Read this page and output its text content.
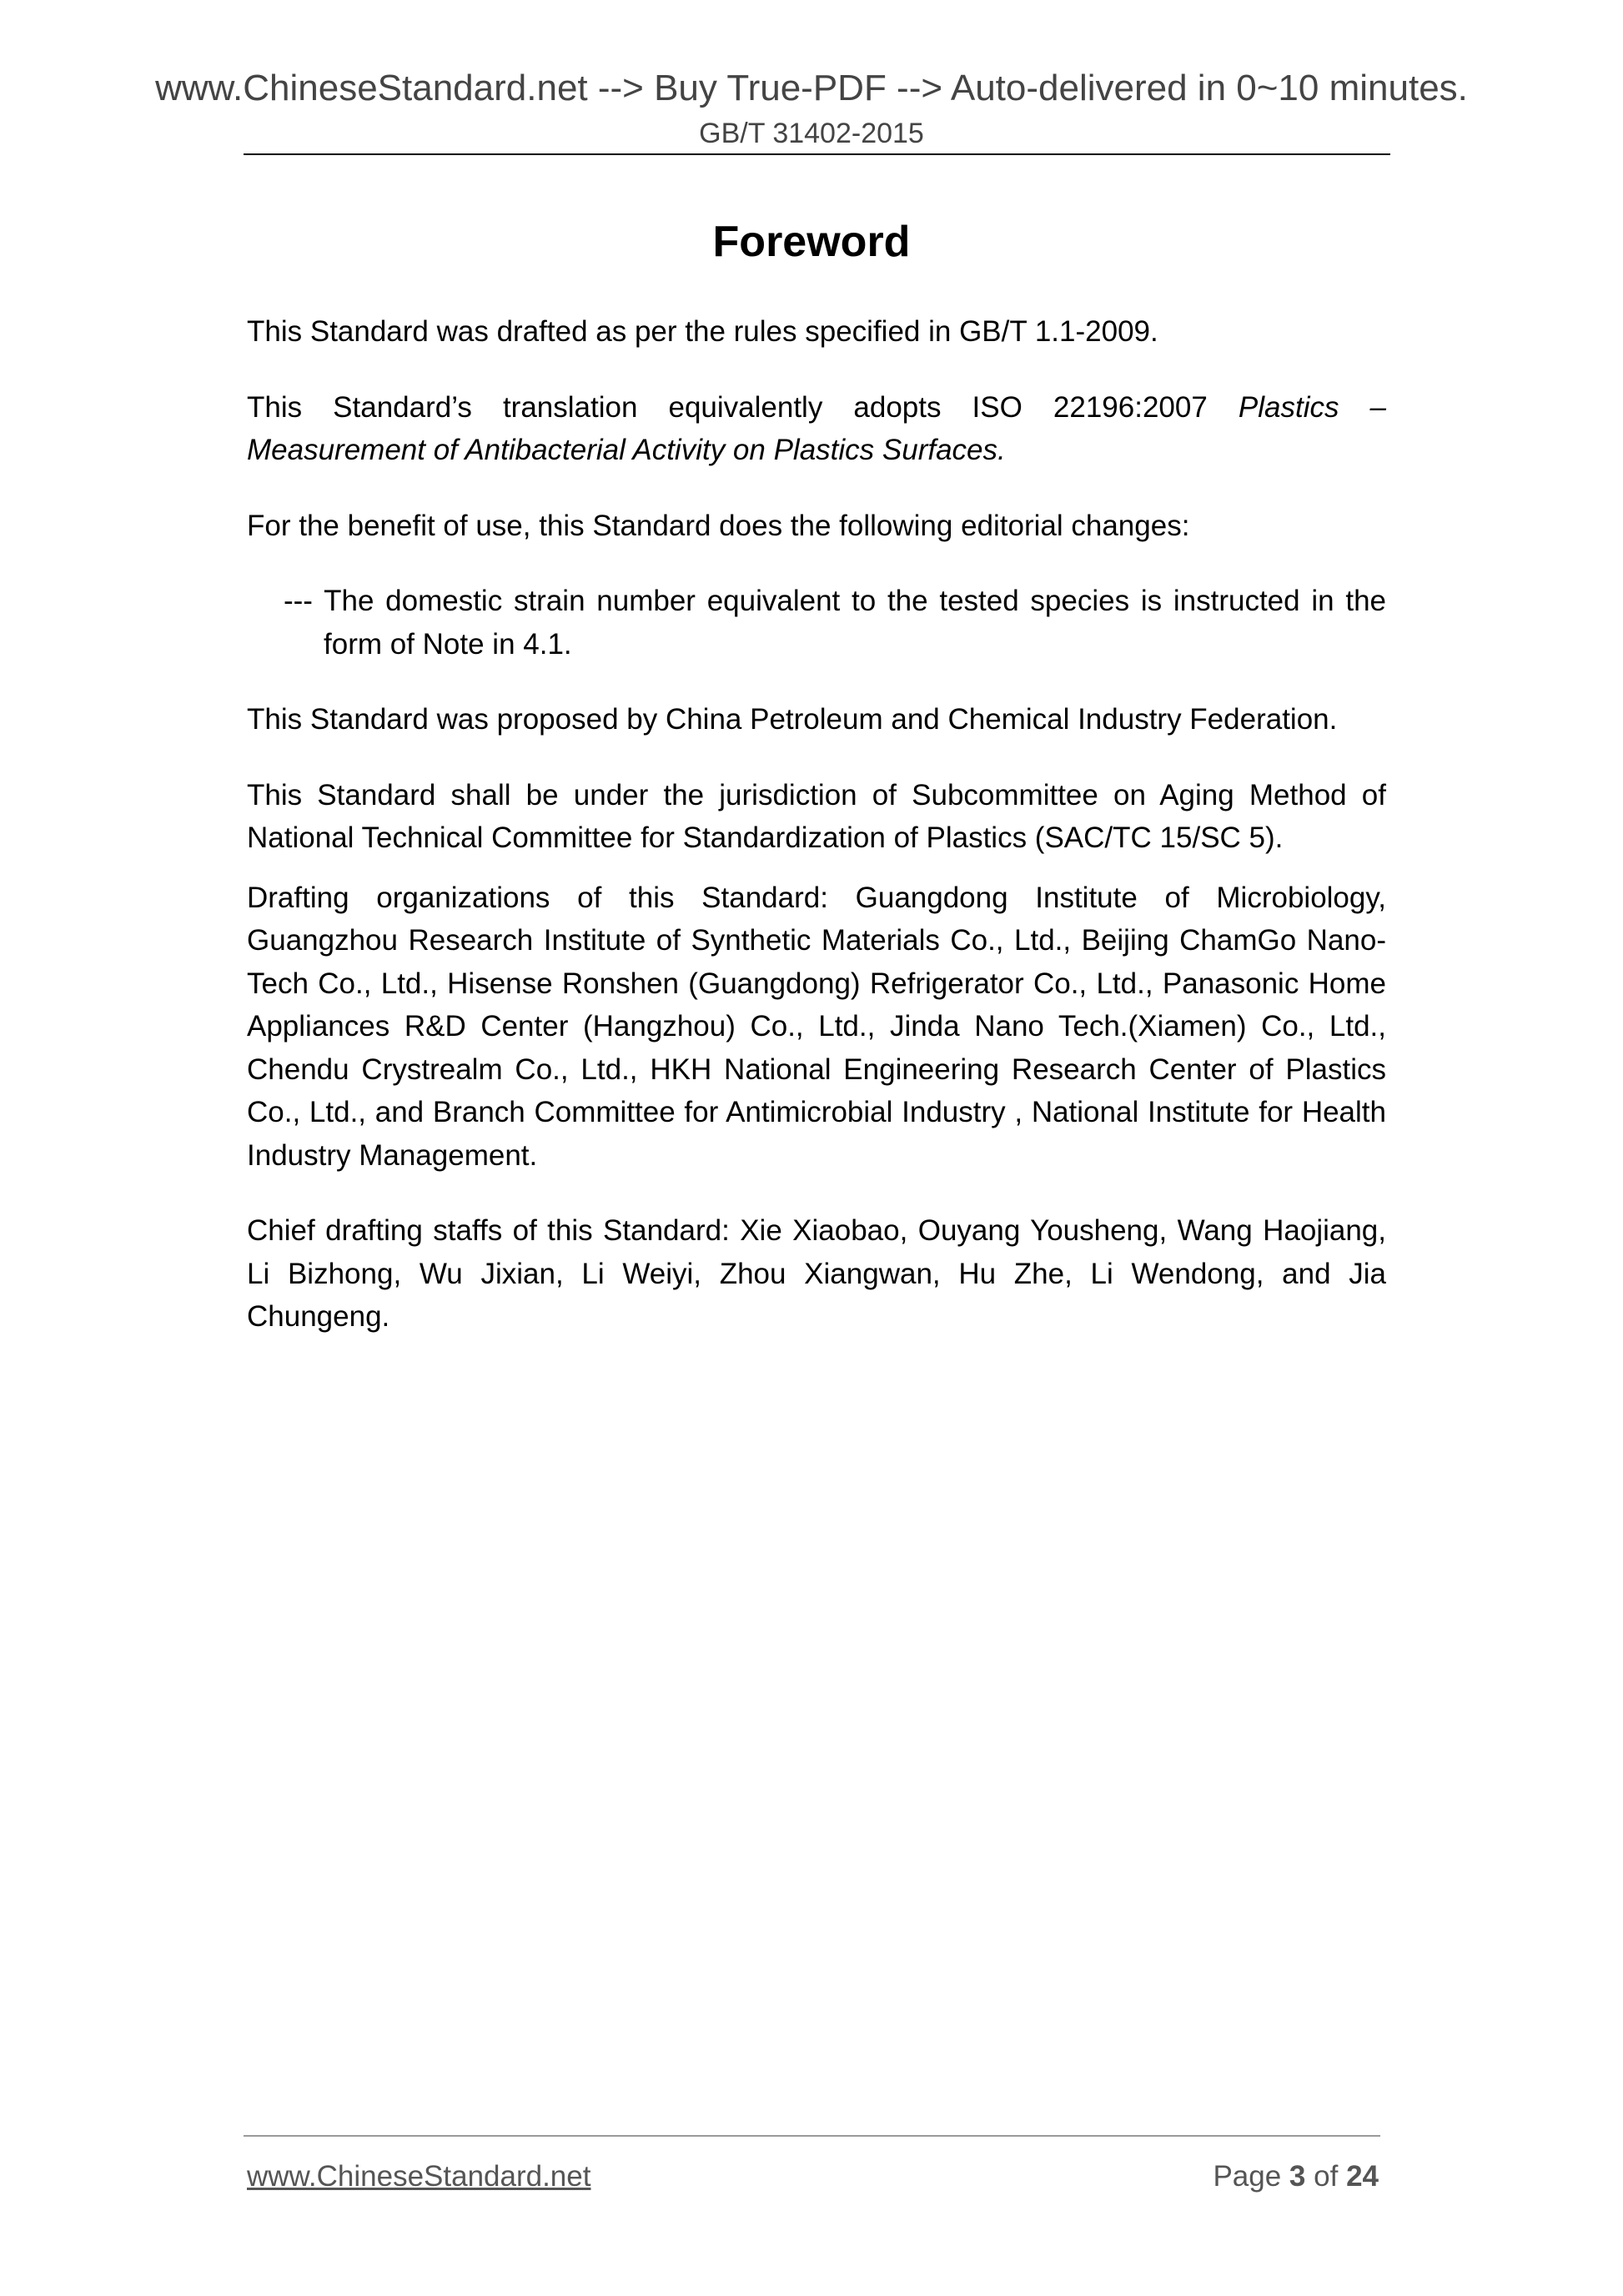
www.ChineseStandard.net --> Buy True-PDF --> Auto-delivered in 0~10 minutes.
GB/T 31402-2015
Foreword

This Standard was drafted as per the rules specified in GB/T 1.1-2009.

This Standard’s translation equivalently adopts ISO 22196:2007 Plastics – Measurement of Antibacterial Activity on Plastics Surfaces.

For the benefit of use, this Standard does the following editorial changes:

--- The domestic strain number equivalent to the tested species is instructed in the form of Note in 4.1.

This Standard was proposed by China Petroleum and Chemical Industry Federation.

This Standard shall be under the jurisdiction of Subcommittee on Aging Method of National Technical Committee for Standardization of Plastics (SAC/TC 15/SC 5).

Drafting organizations of this Standard: Guangdong Institute of Microbiology, Guangzhou Research Institute of Synthetic Materials Co., Ltd., Beijing ChamGo Nano-Tech Co., Ltd., Hisense Ronshen (Guangdong) Refrigerator Co., Ltd., Panasonic Home Appliances R&D Center (Hangzhou) Co., Ltd., Jinda Nano Tech.(Xiamen) Co., Ltd., Chendu Crystrealm Co., Ltd., HKH National Engineering Research Center of Plastics Co., Ltd., and Branch Committee for Antimicrobial Industry , National Institute for Health Industry Management.

Chief drafting staffs of this Standard: Xie Xiaobao, Ouyang Yousheng, Wang Haojiang, Li Bizhong, Wu Jixian, Li Weiyi, Zhou Xiangwan, Hu Zhe, Li Wendong, and Jia Chungeng.

www.ChineseStandard.net	Page 3 of 24
